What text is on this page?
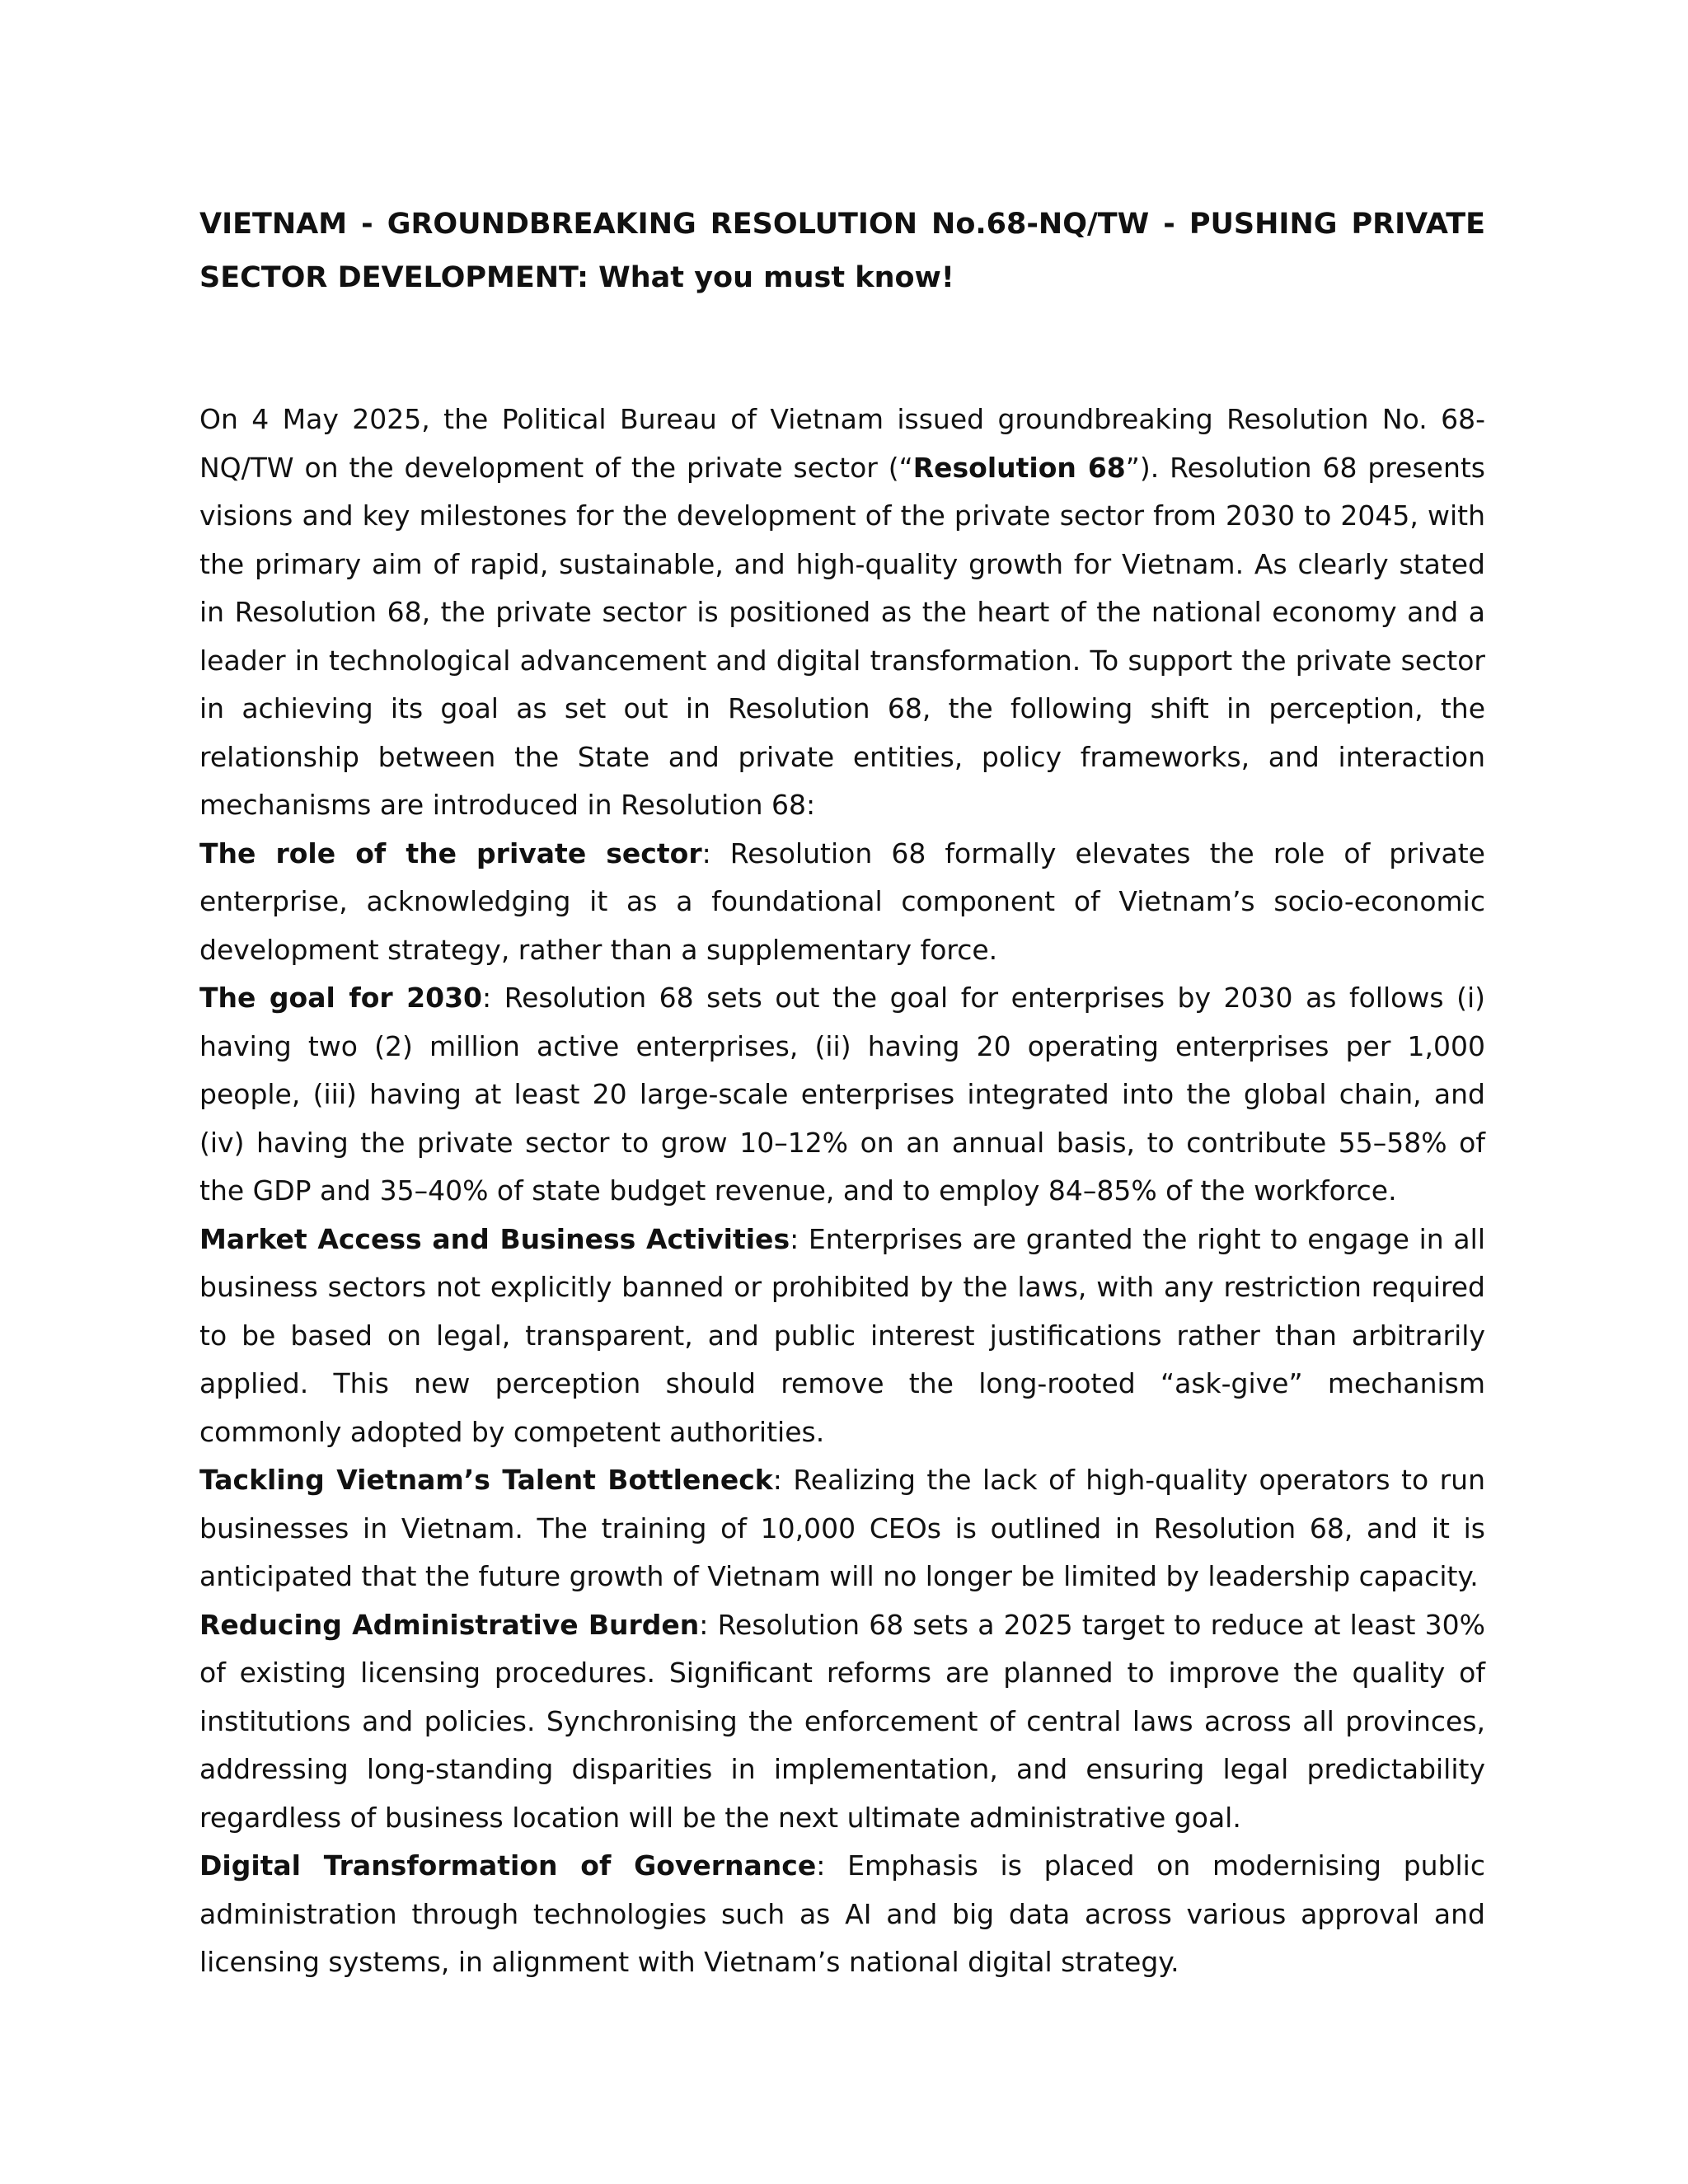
VIETNAM - GROUNDBREAKING RESOLUTION No.68-NQ/TW - PUSHING PRIVATE SECTOR DEVELOPMENT: What you must know!

On 4 May 2025, the Political Bureau of Vietnam issued groundbreaking Resolution No. 68-NQ/TW on the development of the private sector (“Resolution 68”). Resolution 68 presents visions and key milestones for the development of the private sector from 2030 to 2045, with the primary aim of rapid, sustainable, and high-quality growth for Vietnam. As clearly stated in Resolution 68, the private sector is positioned as the heart of the national economy and a leader in technological advancement and digital transformation. To support the private sector in achieving its goal as set out in Resolution 68, the following shift in perception, the relationship between the State and private entities, policy frameworks, and interaction mechanisms are introduced in Resolution 68:

The role of the private sector: Resolution 68 formally elevates the role of private enterprise, acknowledging it as a foundational component of Vietnam’s socio-economic development strategy, rather than a supplementary force.

The goal for 2030: Resolution 68 sets out the goal for enterprises by 2030 as follows (i) having two (2) million active enterprises, (ii) having 20 operating enterprises per 1,000 people, (iii) having at least 20 large-scale enterprises integrated into the global chain, and (iv) having the private sector to grow 10–12% on an annual basis, to contribute 55–58% of the GDP and 35–40% of state budget revenue, and to employ 84–85% of the workforce.

Market Access and Business Activities: Enterprises are granted the right to engage in all business sectors not explicitly banned or prohibited by the laws, with any restriction required to be based on legal, transparent, and public interest justifications rather than arbitrarily applied. This new perception should remove the long-rooted “ask-give” mechanism commonly adopted by competent authorities.

Tackling Vietnam’s Talent Bottleneck: Realizing the lack of high-quality operators to run businesses in Vietnam. The training of 10,000 CEOs is outlined in Resolution 68, and it is anticipated that the future growth of Vietnam will no longer be limited by leadership capacity.

Reducing Administrative Burden: Resolution 68 sets a 2025 target to reduce at least 30% of existing licensing procedures. Significant reforms are planned to improve the quality of institutions and policies. Synchronising the enforcement of central laws across all provinces, addressing long-standing disparities in implementation, and ensuring legal predictability regardless of business location will be the next ultimate administrative goal.

Digital Transformation of Governance: Emphasis is placed on modernising public administration through technologies such as AI and big data across various approval and licensing systems, in alignment with Vietnam’s national digital strategy.
